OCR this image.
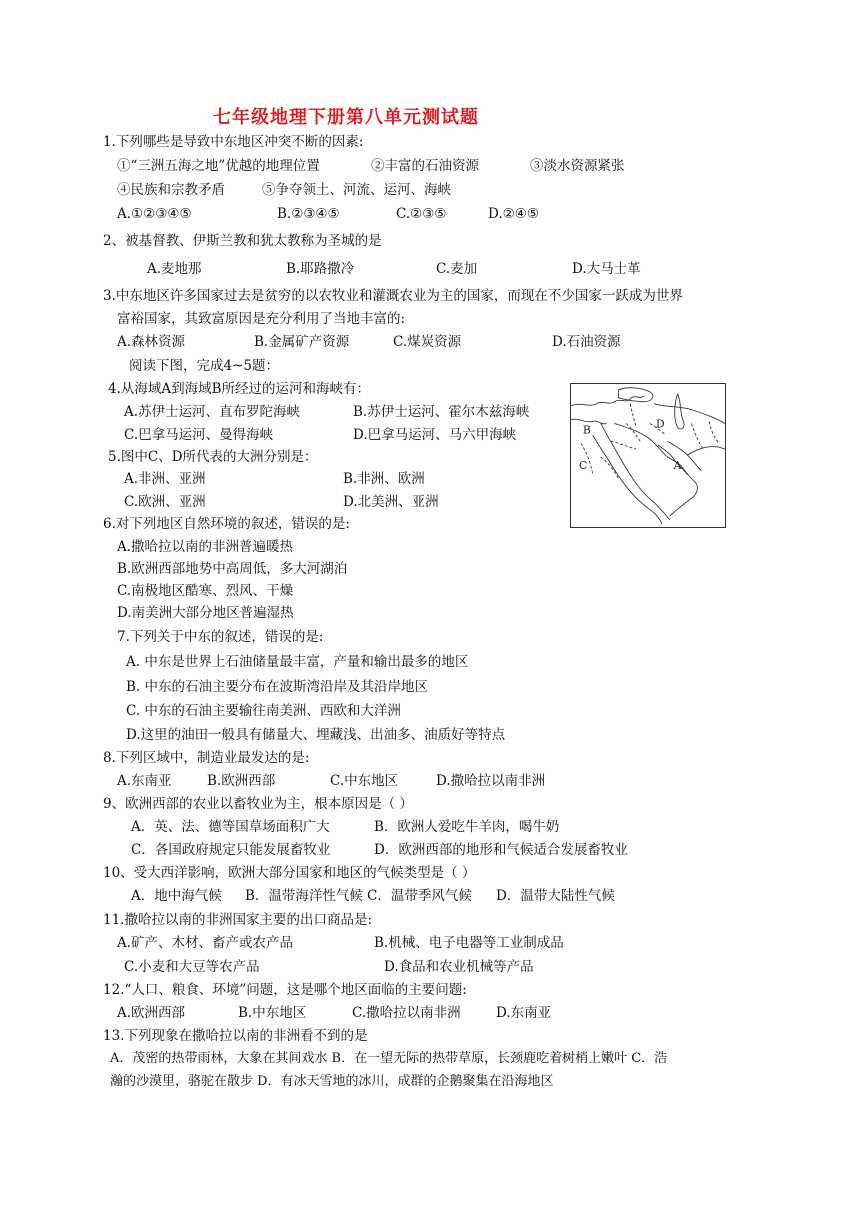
七年级地理下册第八单元测试题
1.下列哪些是导致中东地区冲突不断的因素:
①“三洲五海之地”优越的地理位置	②丰富的石油资源	③淡水资源紧张
④民族和宗教矛盾	⑤争夺领土、河流、运河、海峡
A.①②③④⑤	B.②③④⑤	C.②③⑤	D.②④⑤
2、被基督教、伊斯兰教和犹太教称为圣城的是
A.麦地那	B.耶路撒冷	C.麦加	D.大马士革
3.中东地区许多国家过去是贫穷的以农牧业和灌溉农业为主的国家，而现在不少国家一跃成为世界
富裕国家，其致富原因是充分利用了当地丰富的:
A.森林资源	B.金属矿产资源	C.煤炭资源	D.石油资源
阅读下图，完成4~5题：
4.从海域A到海域B所经过的运河和海峡有：
A.苏伊士运河、直布罗陀海峡	B.苏伊士运河、霍尔木兹海峡
C.巴拿马运河、曼得海峡	D.巴拿马运河、马六甲海峡
5.图中C、D所代表的大洲分别是：
A.非洲、亚洲	B.非洲、欧洲
C.欧洲、亚洲	D.北美洲、亚洲
B	D
C	A
6.对下列地区自然环境的叙述，错误的是:
A.撒哈拉以南的非洲普遍暖热
B.欧洲西部地势中高周低，多大河湖泊
C.南极地区酷寒、烈风、干燥
D.南美洲大部分地区普遍湿热
7.下列关于中东的叙述，错误的是:
A. 中东是世界上石油储量最丰富，产量和输出最多的地区
B. 中东的石油主要分布在波斯湾沿岸及其沿岸地区
C. 中东的石油主要输往南美洲、西欧和大洋洲
D.这里的油田一般具有储量大、埋藏浅、出油多、油质好等特点
8.下列区域中，制造业最发达的是:
A.东南亚	B.欧洲西部	C.中东地区	D.撒哈拉以南非洲
9、欧洲西部的农业以畜牧业为主，根本原因是（ ）
A．英、法、德等国草场面积广大	B．欧洲人爱吃牛羊肉，喝牛奶
C．各国政府规定只能发展畜牧业	D．欧洲西部的地形和气候适合发展畜牧业
10、受大西洋影响，欧洲大部分国家和地区的气候类型是（ ）
A．地中海气候 B．温带海洋性气候 C．温带季风气候 D．温带大陆性气候
11.撒哈拉以南的非洲国家主要的出口商品是:
A.矿产、木材、畜产或农产品	B.机械、电子电器等工业制成品
C.小麦和大豆等农产品	D.食品和农业机械等产品
12.“人口、粮食、环境”问题，这是哪个地区面临的主要问题:
A.欧洲西部	B.中东地区	C.撒哈拉以南非洲	D.东南亚
13.下列现象在撒哈拉以南的非洲看不到的是
A．茂密的热带雨林，大象在其间戏水 B．在一望无际的热带草原，长颈鹿吃着树梢上嫩叶 C．浩
瀚的沙漠里，骆驼在散步 D．有冰天雪地的冰川，成群的企鹅聚集在沿海地区
